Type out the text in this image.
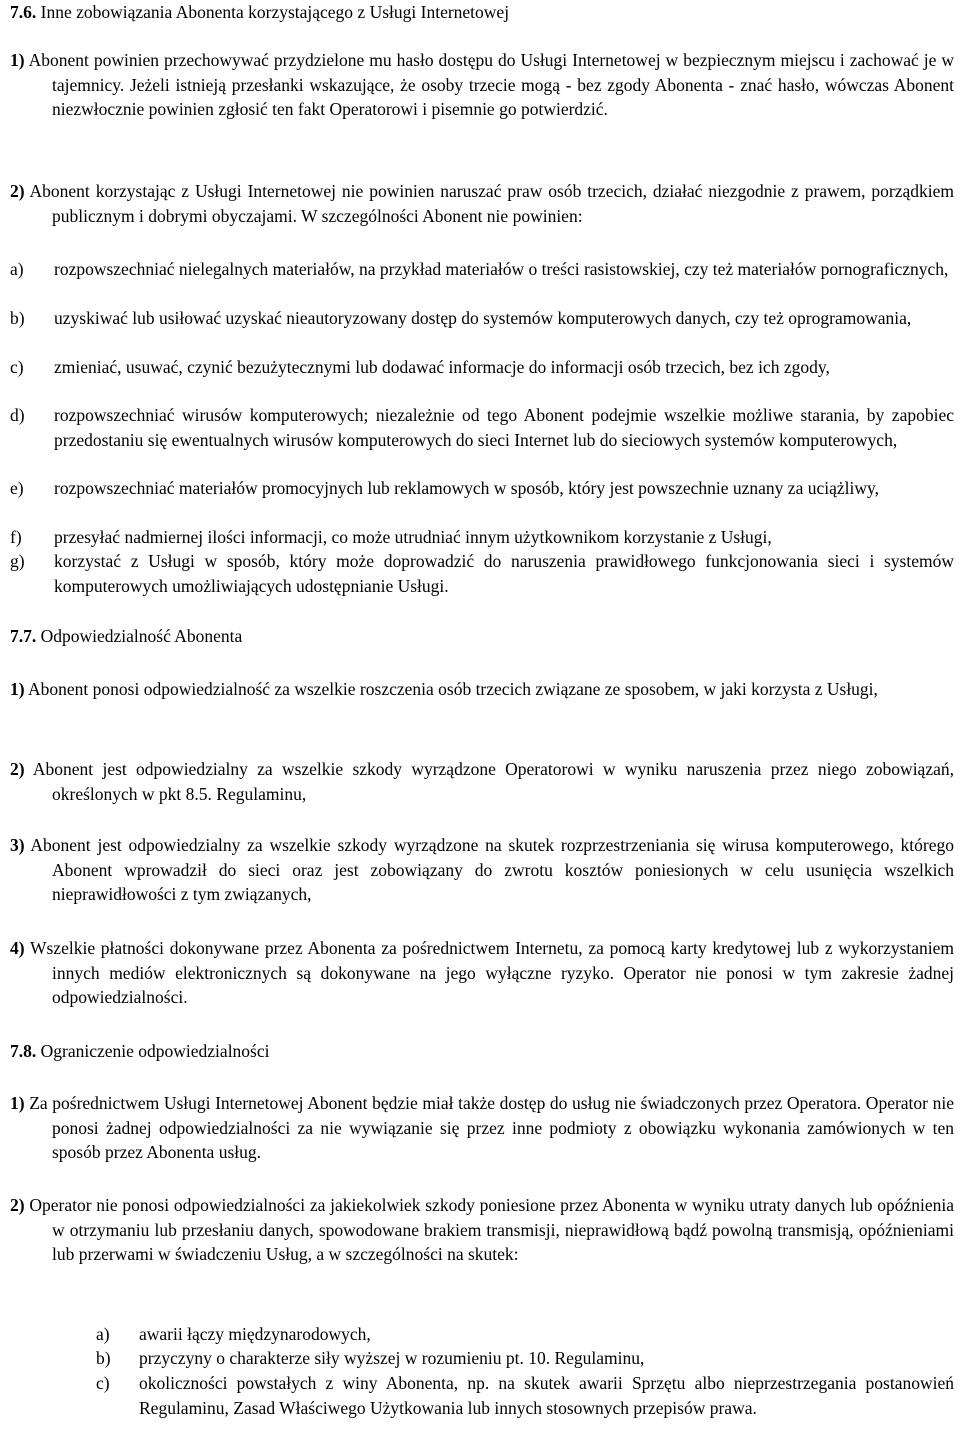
7.6. Inne zobowiązania Abonenta korzystającego z Usługi Internetowej
1) Abonent powinien przechowywać przydzielone mu hasło dostępu do Usługi Internetowej w bezpiecznym miejscu i zachować je w tajemnicy. Jeżeli istnieją przesłanki wskazujące, że osoby trzecie mogą - bez zgody Abonenta - znać hasło, wówczas Abonent niezwłocznie powinien zgłosić ten fakt Operatorowi i pisemnie go potwierdzić.
2) Abonent korzystając z Usługi Internetowej nie powinien naruszać praw osób trzecich, działać niezgodnie z prawem, porządkiem publicznym i dobrymi obyczajami. W szczególności Abonent nie powinien:
a) rozpowszechniać nielegalnych materiałów, na przykład materiałów o treści rasistowskiej, czy też materiałów pornograficznych,
b) uzyskiwać lub usiłować uzyskać nieautoryzowany dostęp do systemów komputerowych danych, czy też oprogramowania,
c) zmieniać, usuwać, czynić bezużytecznymi lub dodawać informacje do informacji osób trzecich, bez ich zgody,
d) rozpowszechniać wirusów komputerowych; niezależnie od tego Abonent podejmie wszelkie możliwe starania, by zapobiec przedostaniu się ewentualnych wirusów komputerowych do sieci Internet lub do sieciowych systemów komputerowych,
e) rozpowszechniać materiałów promocyjnych lub reklamowych w sposób, który jest powszechnie uznany za uciążliwy,
f) przesyłać nadmiernej ilości informacji, co może utrudniać innym użytkownikom korzystanie z Usługi,
g) korzystać z Usługi w sposób, który może doprowadzić do naruszenia prawidłowego funkcjonowania sieci i systemów komputerowych umożliwiających udostępnianie Usługi.
7.7. Odpowiedzialność Abonenta
1) Abonent ponosi odpowiedzialność za wszelkie roszczenia osób trzecich związane ze sposobem, w jaki korzysta z Usługi,
2) Abonent jest odpowiedzialny za wszelkie szkody wyrządzone Operatorowi w wyniku naruszenia przez niego zobowiązań, określonych w pkt 8.5. Regulaminu,
3) Abonent jest odpowiedzialny za wszelkie szkody wyrządzone na skutek rozprzestrzeniania się wirusa komputerowego, którego Abonent wprowadził do sieci oraz jest zobowiązany do zwrotu kosztów poniesionych w celu usunięcia wszelkich nieprawidłowości z tym związanych,
4) Wszelkie płatności dokonywane przez Abonenta za pośrednictwem Internetu, za pomocą karty kredytowej lub z wykorzystaniem innych mediów elektronicznych są dokonywane na jego wyłączne ryzyko. Operator nie ponosi w tym zakresie żadnej odpowiedzialności.
7.8. Ograniczenie odpowiedzialności
1) Za pośrednictwem Usługi Internetowej Abonent będzie miał także dostęp do usług nie świadczonych przez Operatora. Operator nie ponosi żadnej odpowiedzialności za nie wywiązanie się przez inne podmioty z obowiązku wykonania zamówionych w ten sposób przez Abonenta usług.
2) Operator nie ponosi odpowiedzialności za jakiekolwiek szkody poniesione przez Abonenta w wyniku utraty danych lub opóźnienia w otrzymaniu lub przesłaniu danych, spowodowane brakiem transmisji, nieprawidłową bądź powolną transmisją, opóźnieniami lub przerwami w świadczeniu Usług, a w szczególności na skutek:
a) awarii łączy międzynarodowych,
b) przyczyny o charakterze siły wyższej w rozumieniu pt. 10. Regulaminu,
c) okoliczności powstałych z winy Abonenta, np. na skutek awarii Sprzętu albo nieprzestrzegania postanowień Regulaminu, Zasad Właściwego Użytkowania lub innych stosownych przepisów prawa.
